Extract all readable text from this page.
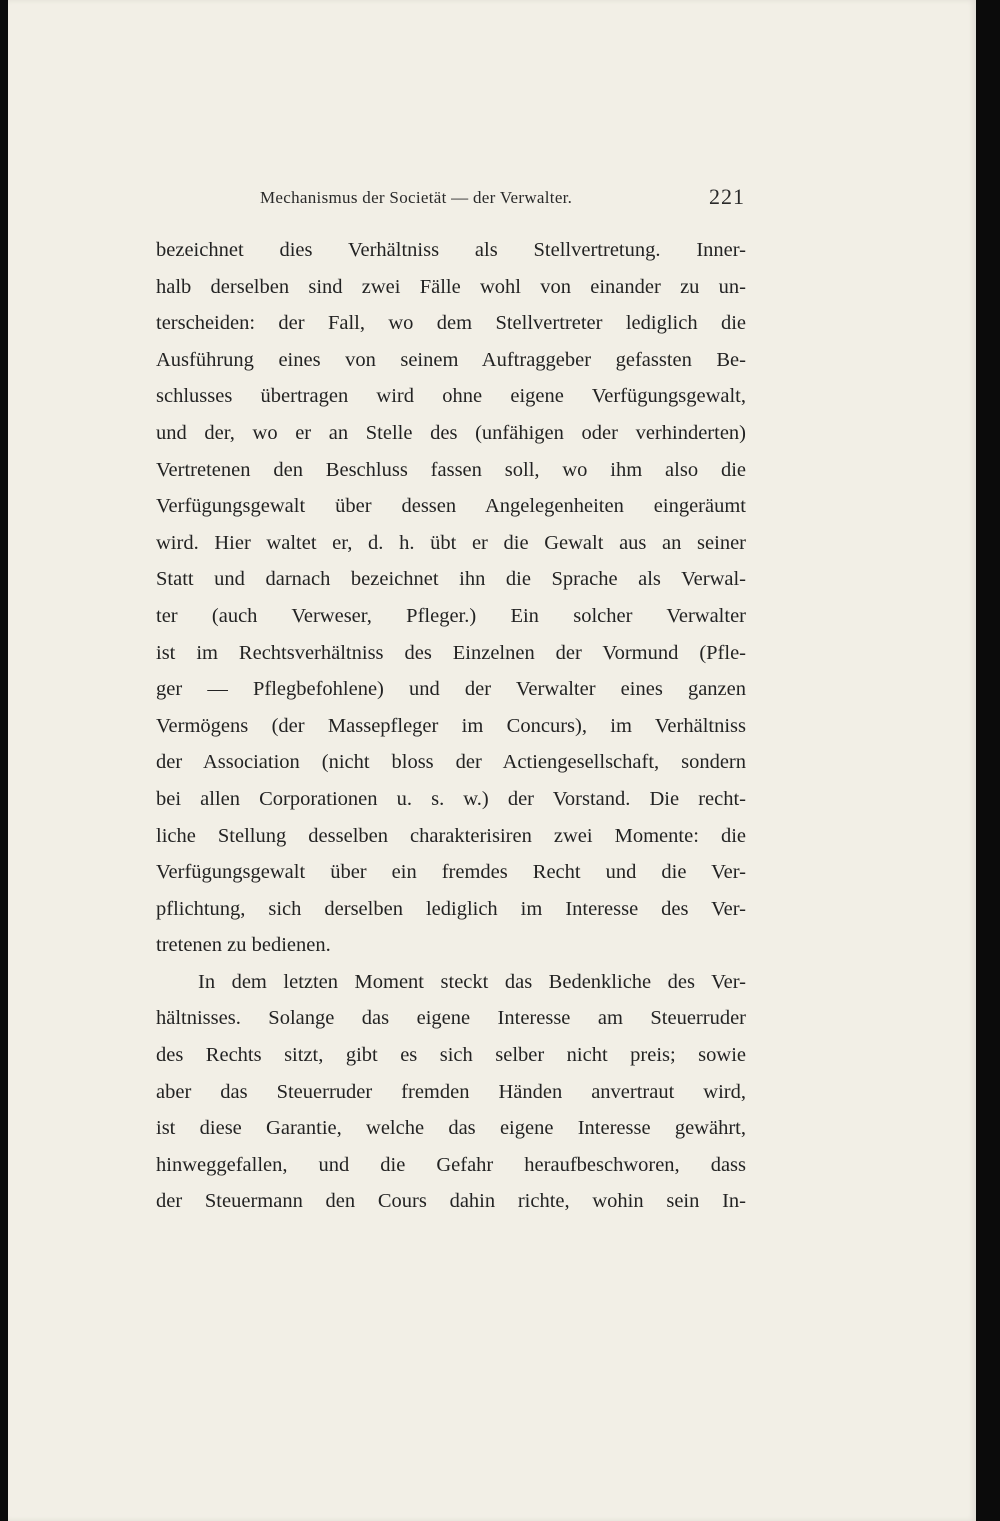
Mechanismus der Societät — der Verwalter.	221
bezeichnet dies Verhältniss als Stellvertretung. Inner-
halb derselben sind zwei Fälle wohl von einander zu un-
terscheiden: der Fall, wo dem Stellvertreter lediglich die
Ausführung eines von seinem Auftraggeber gefassten Be-
schlusses übertragen wird ohne eigene Verfügungsgewalt,
und der, wo er an Stelle des (unfähigen oder verhinderten)
Vertretenen den Beschluss fassen soll, wo ihm also die
Verfügungsgewalt über dessen Angelegenheiten eingeräumt
wird. Hier waltet er, d. h. übt er die Gewalt aus an seiner
Statt und darnach bezeichnet ihn die Sprache als Verwal-
ter (auch Verweser, Pfleger.) Ein solcher Verwalter
ist im Rechtsverhältniss des Einzelnen der Vormund (Pfle-
ger — Pflegbefohlene) und der Verwalter eines ganzen
Vermögens (der Massepfleger im Concurs), im Verhältniss
der Association (nicht bloss der Actiengesellschaft, sondern
bei allen Corporationen u. s. w.) der Vorstand. Die recht-
liche Stellung desselben charakterisiren zwei Momente: die
Verfügungsgewalt über ein fremdes Recht und die Ver-
pflichtung, sich derselben lediglich im Interesse des Ver-
tretenen zu bedienen.
In dem letzten Moment steckt das Bedenkliche des Ver-
hältnisses. Solange das eigene Interesse am Steuerruder
des Rechts sitzt, gibt es sich selber nicht preis; sowie
aber das Steuerruder fremden Händen anvertraut wird,
ist diese Garantie, welche das eigene Interesse gewährt,
hinweggefallen, und die Gefahr heraufbeschworen, dass
der Steuermann den Cours dahin richte, wohin sein In-
